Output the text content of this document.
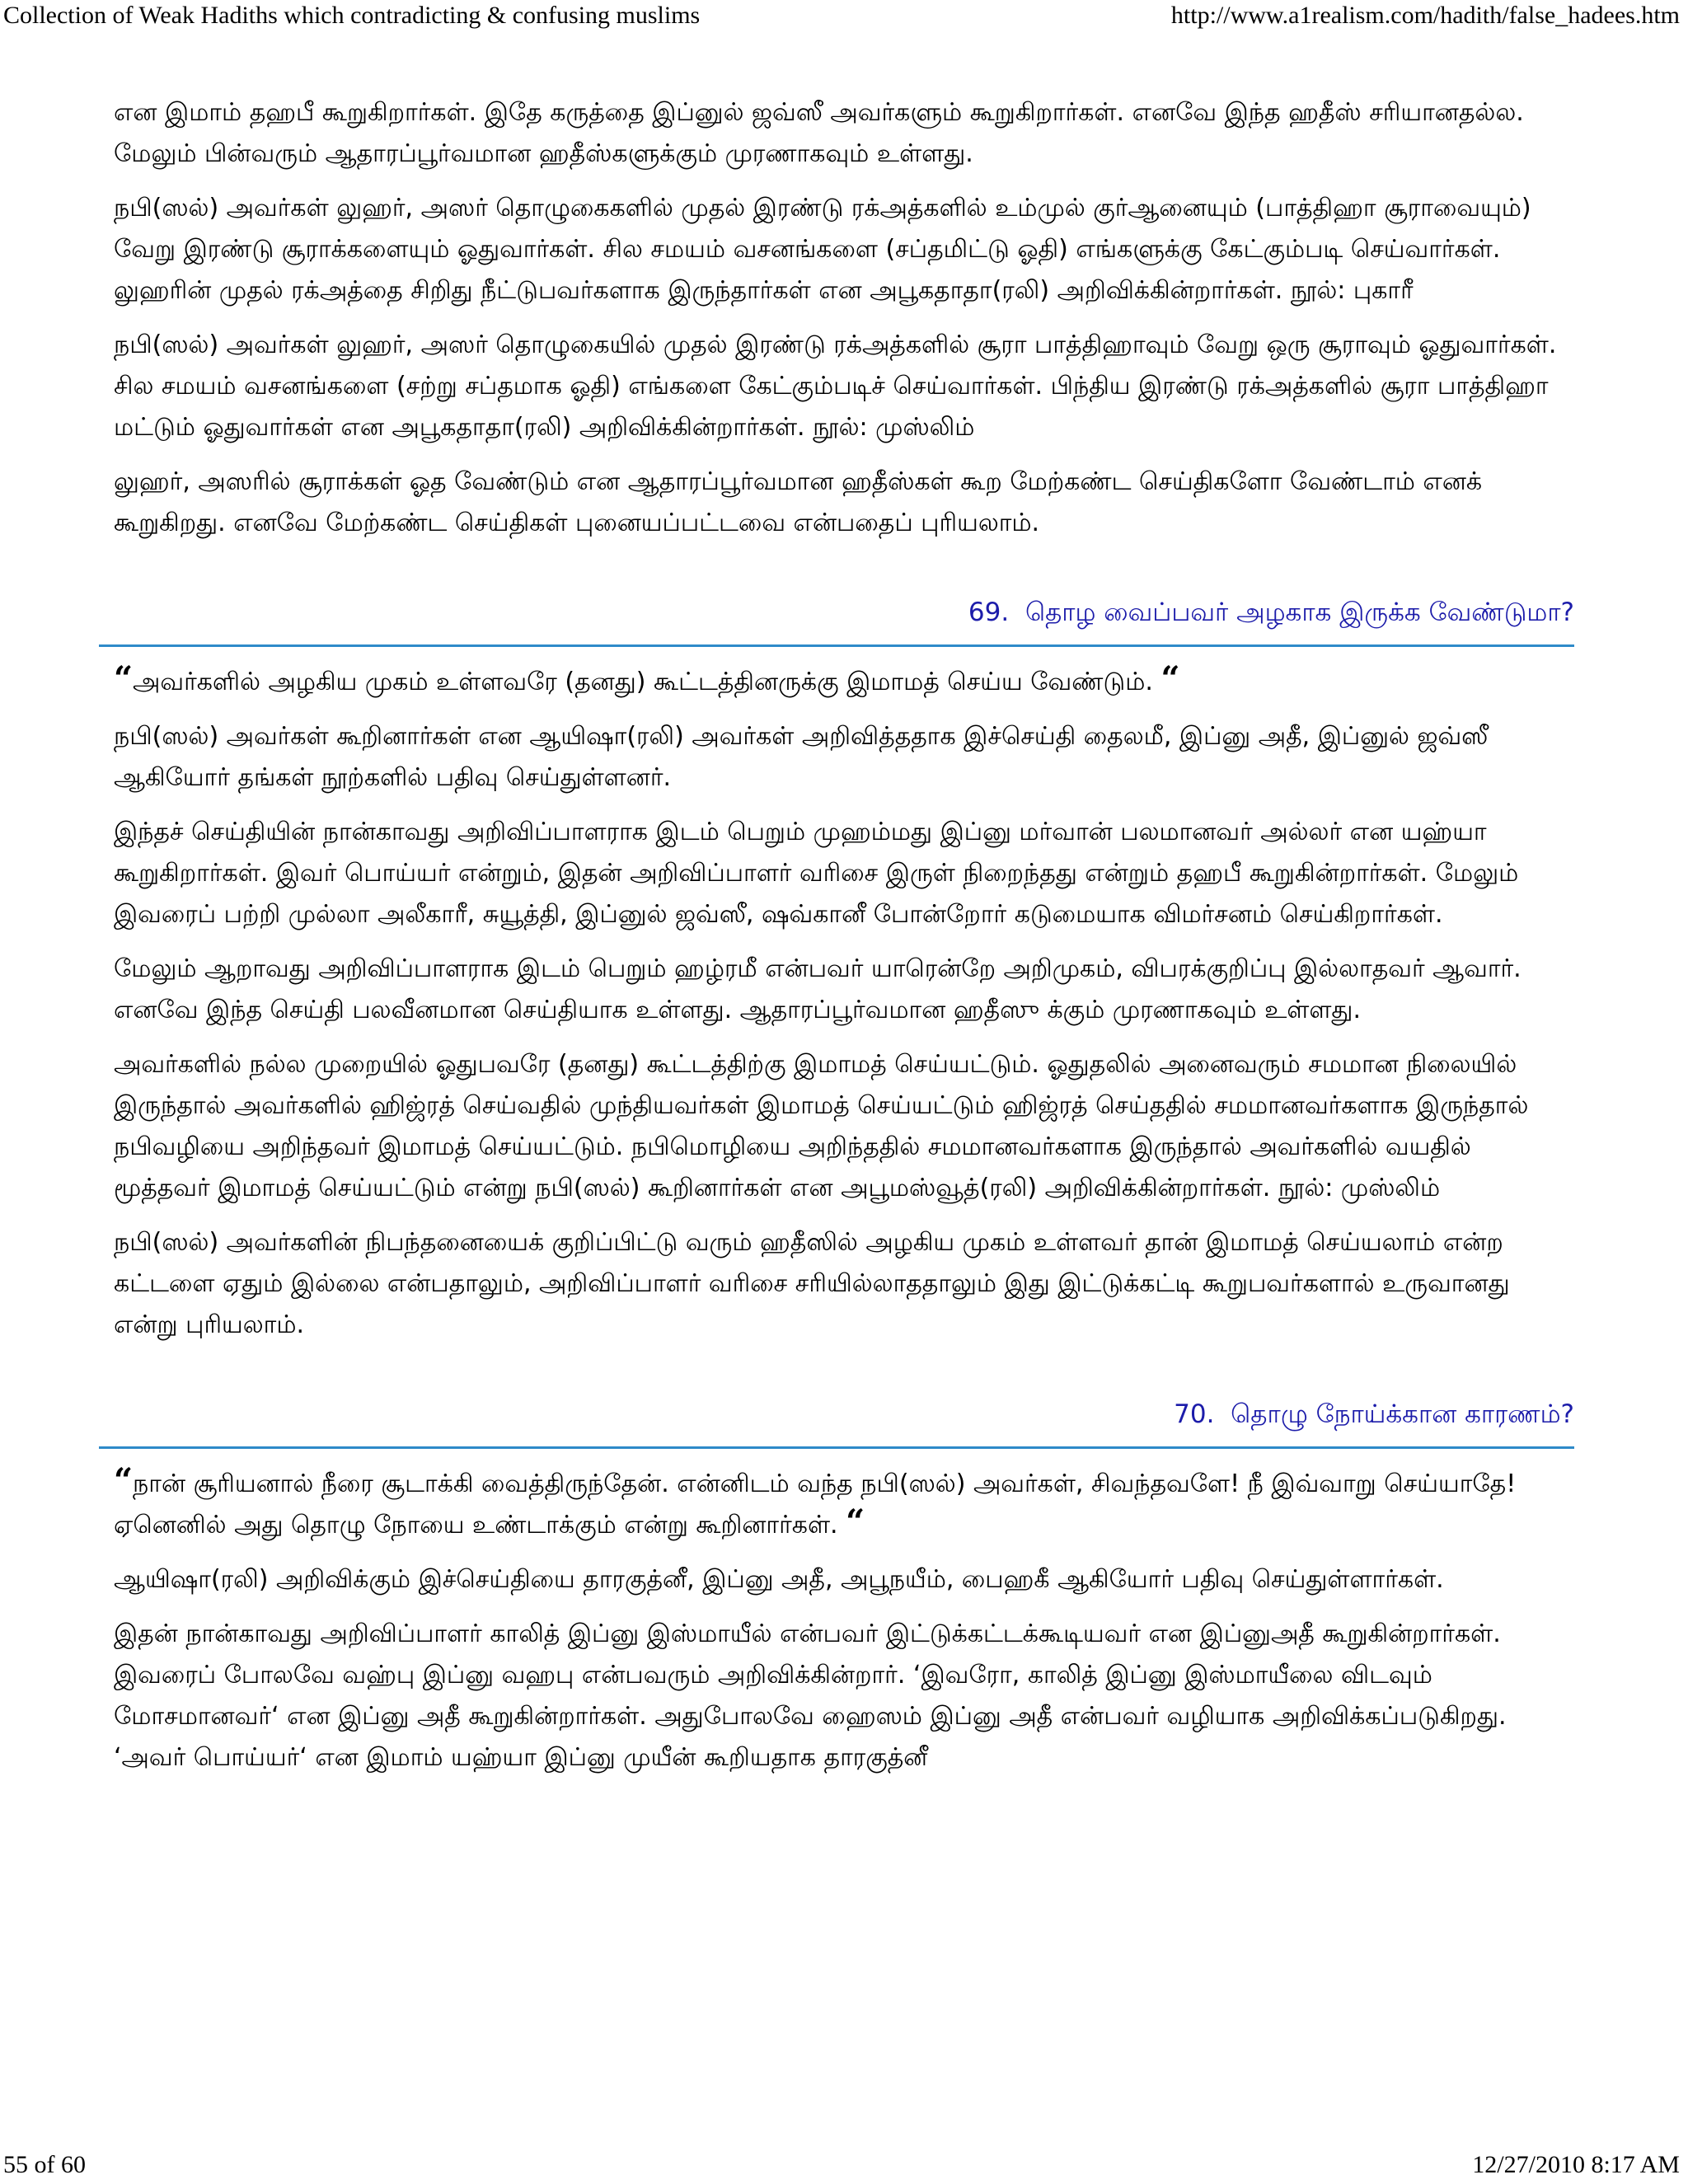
Collection of Weak Hadiths which contradicting & confusing muslims	http://www.a1realism.com/hadith/false_hadees.htm

என இமாம் தஹபீ கூறுகிறார்கள். இதே கருத்தை இப்னுல் ஜவ்ஸீ அவர்களும் கூறுகிறார்கள். எனவே இந்த ஹதீஸ் சரியானதல்ல. மேலும் பின்வரும் ஆதாரப்பூர்வமான ஹதீஸ்களுக்கும் முரணாகவும் உள்ளது.

நபி(ஸல்) அவர்கள் லுஹர், அஸர் தொழுகைகளில் முதல் இரண்டு ரக்அத்களில் உம்முல் குர்ஆனையும் (பாத்திஹா சூராவையும்) வேறு இரண்டு சூராக்களையும் ஓதுவார்கள். சில சமயம் வசனங்களை (சப்தமிட்டு ஓதி) எங்களுக்கு கேட்கும்படி செய்வார்கள். லுஹரின் முதல் ரக்அத்தை சிறிது நீட்டுபவர்களாக இருந்தார்கள் என அபூகதாதா(ரலி) அறிவிக்கின்றார்கள். நூல்: புகாரீ

நபி(ஸல்) அவர்கள் லுஹர், அஸர் தொழுகையில் முதல் இரண்டு ரக்அத்களில் சூரா பாத்திஹாவும் வேறு ஒரு சூராவும் ஓதுவார்கள். சில சமயம் வசனங்களை (சற்று சப்தமாக ஓதி) எங்களை கேட்கும்படிச் செய்வார்கள். பிந்திய இரண்டு ரக்அத்களில் சூரா பாத்திஹா மட்டும் ஓதுவார்கள் என அபூகதாதா(ரலி) அறிவிக்கின்றார்கள். நூல்: முஸ்லிம்

லுஹர், அஸரில் சூராக்கள் ஓத வேண்டும் என ஆதாரப்பூர்வமான ஹதீஸ்கள் கூற மேற்கண்ட செய்திகளோ வேண்டாம் எனக் கூறுகிறது. எனவே மேற்கண்ட செய்திகள் புனையப்பட்டவை என்பதைப் புரியலாம்.

69. தொழ வைப்பவர் அழகாக இருக்க வேண்டுமா?

“அவர்களில் அழகிய முகம் உள்ளவரே (தனது) கூட்டத்தினருக்கு இமாமத் செய்ய வேண்டும். “

நபி(ஸல்) அவர்கள் கூறினார்கள் என ஆயிஷா(ரலி) அவர்கள் அறிவித்ததாக இச்செய்தி தைலமீ, இப்னு அதீ, இப்னுல் ஜவ்ஸீ ஆகியோர் தங்கள் நூற்களில் பதிவு செய்துள்ளனர்.

இந்தச் செய்தியின் நான்காவது அறிவிப்பாளராக இடம் பெறும் முஹம்மது இப்னு மர்வான் பலமானவர் அல்லர் என யஹ்யா கூறுகிறார்கள். இவர் பொய்யர் என்றும், இதன் அறிவிப்பாளர் வரிசை இருள் நிறைந்தது என்றும் தஹபீ கூறுகின்றார்கள். மேலும் இவரைப் பற்றி முல்லா அலீகாரீ, சுயூத்தி, இப்னுல் ஜவ்ஸீ, ஷவ்கானீ போன்றோர் கடுமையாக விமர்சனம் செய்கிறார்கள்.

மேலும் ஆறாவது அறிவிப்பாளராக இடம் பெறும் ஹழ்ரமீ என்பவர் யாரென்றே அறிமுகம், விபரக்குறிப்பு இல்லாதவர் ஆவார். எனவே இந்த செய்தி பலவீனமான செய்தியாக உள்ளது. ஆதாரப்பூர்வமான ஹதீஸு க்கும் முரணாகவும் உள்ளது.

அவர்களில் நல்ல முறையில் ஓதுபவரே (தனது) கூட்டத்திற்கு இமாமத் செய்யட்டும். ஓதுதலில் அனைவரும் சமமான நிலையில் இருந்தால் அவர்களில் ஹிஜ்ரத் செய்வதில் முந்தியவர்கள் இமாமத் செய்யட்டும் ஹிஜ்ரத் செய்ததில் சமமானவர்களாக இருந்தால் நபிவழியை அறிந்தவர் இமாமத் செய்யட்டும். நபிமொழியை அறிந்ததில் சமமானவர்களாக இருந்தால் அவர்களில் வயதில் மூத்தவர் இமாமத் செய்யட்டும் என்று நபி(ஸல்) கூறினார்கள் என அபூமஸ்வூத்(ரலி) அறிவிக்கின்றார்கள். நூல்: முஸ்லிம்

நபி(ஸல்) அவர்களின் நிபந்தனையைக் குறிப்பிட்டு வரும் ஹதீஸில் அழகிய முகம் உள்ளவர் தான் இமாமத் செய்யலாம் என்ற கட்டளை ஏதும் இல்லை என்பதாலும், அறிவிப்பாளர் வரிசை சரியில்லாததாலும் இது இட்டுக்கட்டி கூறுபவர்களால் உருவானது என்று புரியலாம்.

70. தொழு நோய்க்கான காரணம்?

“நான் சூரியனால் நீரை சூடாக்கி வைத்திருந்தேன். என்னிடம் வந்த நபி(ஸல்) அவர்கள், சிவந்தவளே! நீ இவ்வாறு செய்யாதே! ஏனெனில் அது தொழு நோயை உண்டாக்கும் என்று கூறினார்கள். “

ஆயிஷா(ரலி) அறிவிக்கும் இச்செய்தியை தாரகுத்னீ, இப்னு அதீ, அபூநயீம், பைஹகீ ஆகியோர் பதிவு செய்துள்ளார்கள்.

இதன் நான்காவது அறிவிப்பாளர் காலித் இப்னு இஸ்மாயீல் என்பவர் இட்டுக்கட்டக்கூடியவர் என இப்னுஅதீ கூறுகின்றார்கள். இவரைப் போலவே வஹ்பு இப்னு வஹபு என்பவரும் அறிவிக்கின்றார். ‘இவரோ, காலித் இப்னு இஸ்மாயீலை விடவும் மோசமானவர்‘ என இப்னு அதீ கூறுகின்றார்கள். அதுபோலவே ஹைஸம் இப்னு அதீ என்பவர் வழியாக அறிவிக்கப்படுகிறது. ‘அவர் பொய்யர்‘ என இமாம் யஹ்யா இப்னு முயீன் கூறியதாக தாரகுத்னீ

55 of 60	12/27/2010 8:17 AM
